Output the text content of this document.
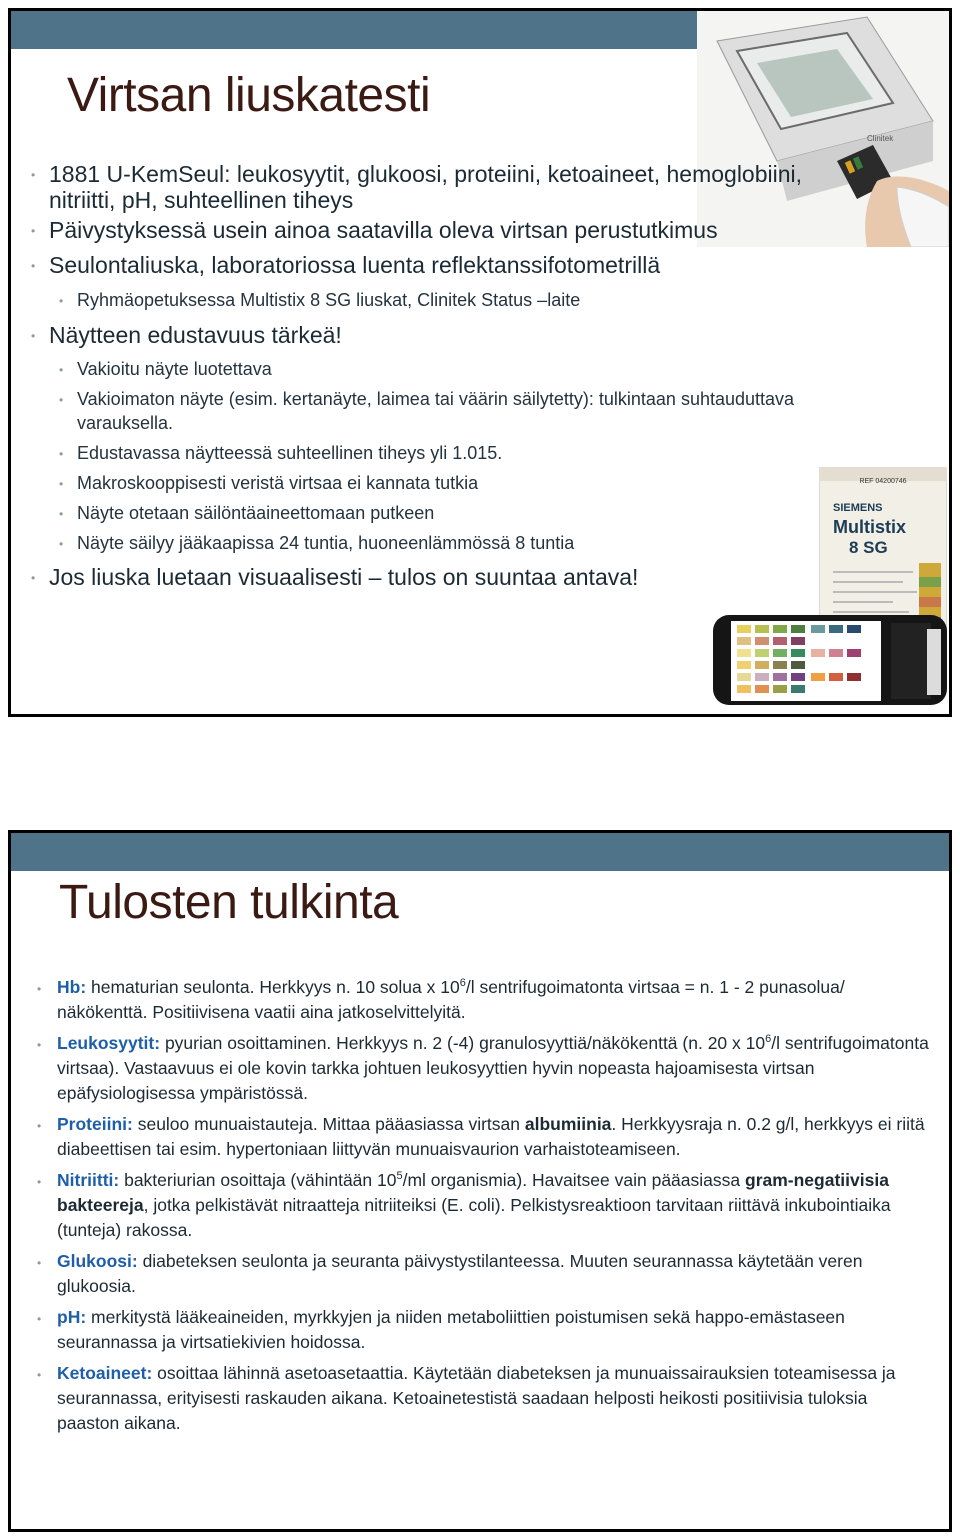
Clinitek
Virtsan liuskatesti
• 1881 U-KemSeul: leukosyytit, glukoosi, proteiini, ketoaineet, hemoglobiini, nitriitti, pH, suhteellinen tiheys
• Päivystyksessä usein ainoa saatavilla oleva virtsan perustutkimus
• Seulontaliuska, laboratoriossa luenta reflektanssifotometrillä
• Ryhmäopetuksessa Multistix 8 SG liuskat, Clinitek Status –laite
• Näytteen edustavuus tärkeä!
• Vakioitu näyte luotettava
• Vakioimaton näyte (esim. kertanäyte, laimea tai väärin säilytetty): tulkintaan suhtauduttava varauksella.
• Edustavassa näytteessä suhteellinen tiheys yli 1.015.
• Makroskooppisesti veristä virtsaa ei kannata tutkia
• Näyte otetaan säilöntäaineettomaan putkeen
• Näyte säilyy jääkaapissa 24 tuntia, huoneenlämmössä 8 tuntia
• Jos liuska luetaan visuaalisesti – tulos on suuntaa antava!
REF 04200746
SIEMENS
Multistix
8 SG
Tulosten tulkinta
• Hb: hematurian seulonta. Herkkyys n. 10 solua x $10^6/l$ sentrifugoimatonta virtsaa = n. 1 - 2 punasolua/ näkökenttä. Positiivisena vaatii aina jatkoselvittelyitä.
• Leukosyytit: pyurian osoittaminen. Herkkyys n. 2 (-4) granulosyyttiä/näkökenttä (n. 20 x $10^6/l$ sentrifugoimatonta virtsaa). Vastaavuus ei ole kovin tarkka johtuen leukosyyttien hyvin nopeasta hajoamisesta virtsan epäfysiologisessa ympäristössä.
• Proteiini: seuloo munuaistauteja. Mittaa pääasiassa virtsan albumiinia. Herkkyysraja n. 0.2 g/l, herkkyys ei riitä diabeettisen tai esim. hypertoniaan liittyvän munuaisvaurion varhaistoteamiseen.
• Nitriitti: bakteriurian osoittaja (vähintään $10^5/ml$ organismia). Havaitsee vain pääasiassa gram-negatiivisia bakteereja, jotka pelkistävät nitraatteja nitriiteiksi (E. coli). Pelkistysreaktioon tarvitaan riittävä inkubointiaika (tunteja) rakossa.
• Glukoosi: diabeteksen seulonta ja seuranta päivystystilanteessa. Muuten seurannassa käytetään veren glukoosia.
• pH: merkitystä lääkeaineiden, myrkkyjen ja niiden metaboliittien poistumisen sekä happo-emästaseen seurannassa ja virtsatiekivien hoidossa.
• Ketoaineet: osoittaa lähinnä asetoasetaattia. Käytetään diabeteksen ja munuaissairauksien toteamisessa ja seurannassa, erityisesti raskauden aikana. Ketoainetestistä saadaan helposti heikosti positiivisia tuloksia paaston aikana.
